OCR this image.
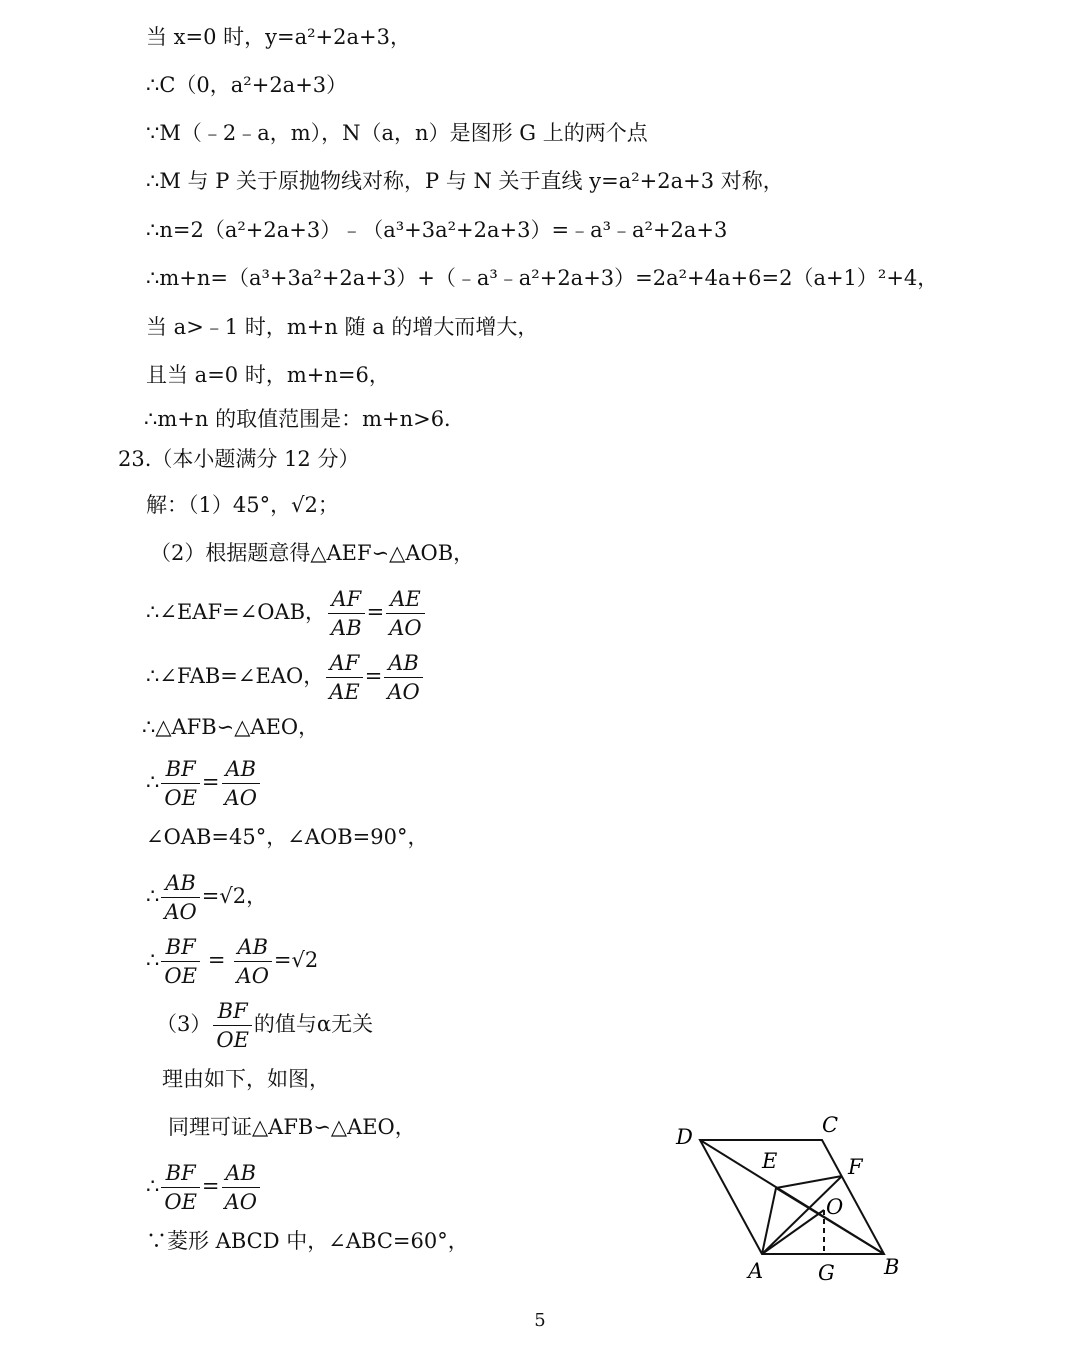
当 x=0 时，y=a²+2a+3，
∴C（0，a²+2a+3）
∵M（﹣2﹣a，m），N（a，n）是图形 G 上的两个点
∴M 与 P 关于原抛物线对称，P 与 N 关于直线 y=a²+2a+3 对称，
∴n=2（a²+2a+3）﹣（a³+3a²+2a+3）=﹣a³﹣a²+2a+3
∴m+n=（a³+3a²+2a+3）+（﹣a³﹣a²+2a+3）=2a²+4a+6=2（a+1）²+4，
当 a>﹣1 时，m+n 随 a 的增大而增大，
且当 a=0 时，m+n=6，
∴m+n 的取值范围是：m+n>6．
23.（本小题满分 12 分）
解：（1）45°，√2；
（2）根据题意得△AEF∽△AOB，
∴∠EAF=∠OAB， $\frac{AF}{AB} = \frac{AE}{AO}$
∴∠FAB=∠EAO， $\frac{AF}{AE} = \frac{AB}{AO}$
∴△AFB∽△AEO，
∴ $\frac{BF}{OE} = \frac{AB}{AO}$
∠OAB=45°，∠AOB=90°，
∴ $\frac{AB}{AO} =√2$，
∴ $\frac{BF}{OE} = \frac{AB}{AO} =√2$
$(3) \frac{BF}{OE}$ 的值与α无关
理由如下，如图，
同理可证△AFB∽△AEO，
∴ $\frac{BF}{OE} = \frac{AB}{AO}$
∵菱形 ABCD 中，∠ABC=60°，
D	C
E	F
O
A	G B
5
